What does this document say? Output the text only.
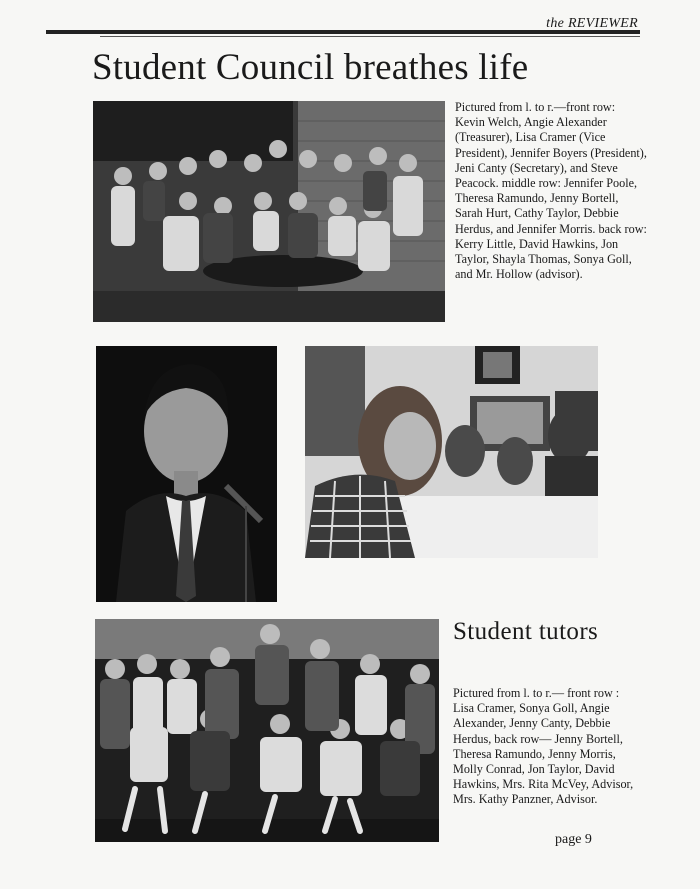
the REVIEWER
Student Council breathes life
Pictured from l. to r.—front row: Kevin Welch, Angie Alexander (Treasurer), Lisa Cramer (Vice President), Jennifer Boyers (President), Jeni Canty (Secretary), and Steve Peacock. middle row: Jennifer Poole, Theresa Ramundo, Jenny Bortell, Sarah Hurt, Cathy Taylor, Debbie Herdus, and Jennifer Morris. back row: Kerry Little, David Hawkins, Jon Taylor, Shayla Thomas, Sonya Goll, and Mr. Hollow (advisor).
Student tutors
Pictured from l. to r.— front row : Lisa Cramer, Sonya Goll, Angie Alexander, Jenny Canty, Debbie Herdus, back row— Jenny Bortell, Theresa Ramundo, Jenny Morris, Molly Conrad, Jon Taylor, David Hawkins, Mrs. Rita McVey, Advisor, Mrs. Kathy Panzner, Advisor.
page 9
